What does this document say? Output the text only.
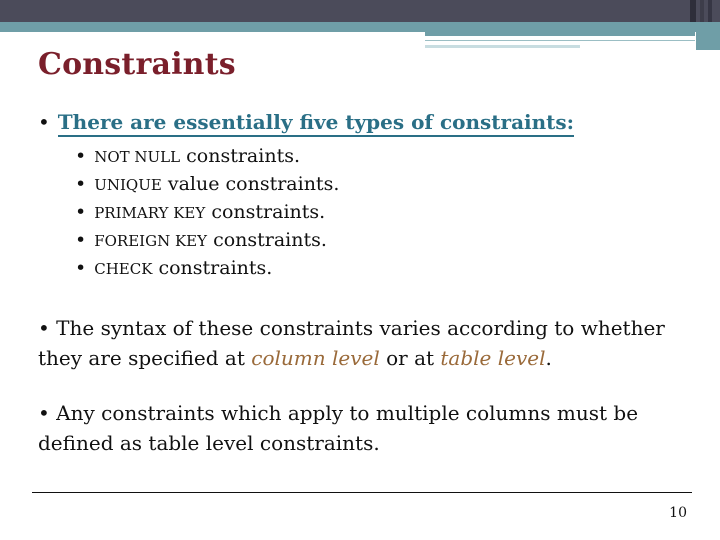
Constraints
• There are essentially five types of constraints:
• NOT NULL constraints.
• UNIQUE value constraints.
• PRIMARY KEY constraints.
• FOREIGN KEY constraints.
• CHECK constraints.
• The syntax of these constraints varies according to whether they are specified at column level or at table level.
• Any constraints which apply to multiple columns must be defined as table level constraints.
10
